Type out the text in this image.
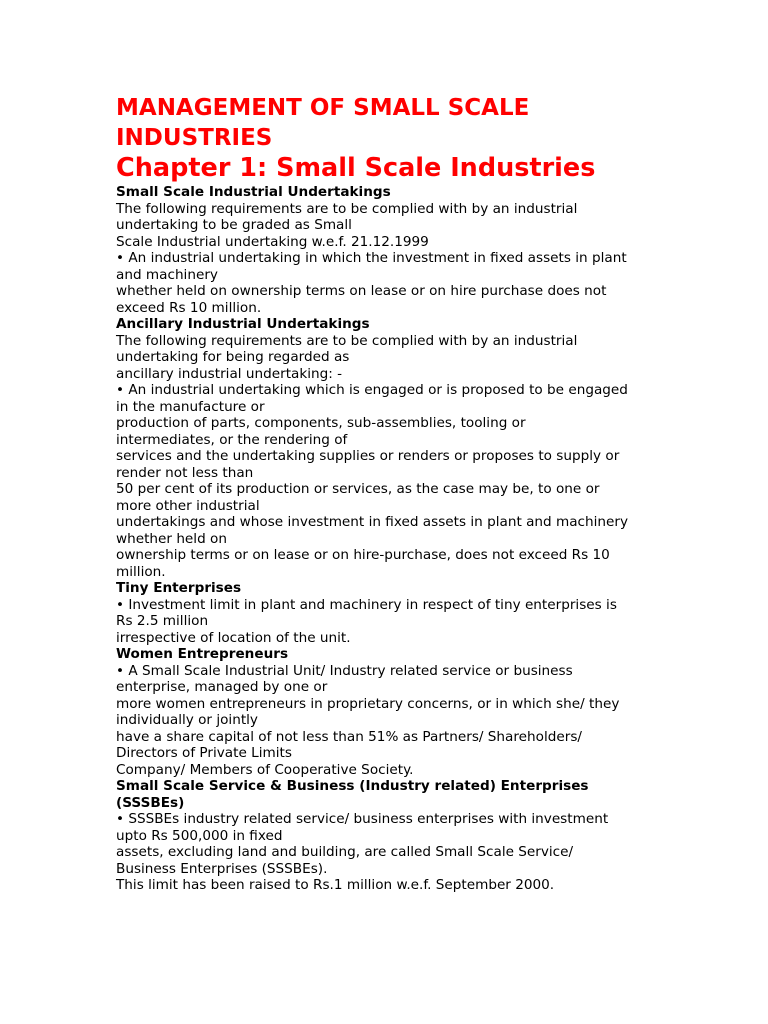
MANAGEMENT OF SMALL SCALE
INDUSTRIES
Chapter 1: Small Scale Industries
Small Scale Industrial Undertakings
The following requirements are to be complied with by an industrial
undertaking to be graded as Small
Scale Industrial undertaking w.e.f. 21.12.1999
• An industrial undertaking in which the investment in fixed assets in plant
and machinery
whether held on ownership terms on lease or on hire purchase does not
exceed Rs 10 million.
Ancillary Industrial Undertakings
The following requirements are to be complied with by an industrial
undertaking for being regarded as
ancillary industrial undertaking: -
• An industrial undertaking which is engaged or is proposed to be engaged
in the manufacture or
production of parts, components, sub-assemblies, tooling or
intermediates, or the rendering of
services and the undertaking supplies or renders or proposes to supply or
render not less than
50 per cent of its production or services, as the case may be, to one or
more other industrial
undertakings and whose investment in fixed assets in plant and machinery
whether held on
ownership terms or on lease or on hire-purchase, does not exceed Rs 10
million.
Tiny Enterprises
• Investment limit in plant and machinery in respect of tiny enterprises is
Rs 2.5 million
irrespective of location of the unit.
Women Entrepreneurs
• A Small Scale Industrial Unit/ Industry related service or business
enterprise, managed by one or
more women entrepreneurs in proprietary concerns, or in which she/ they
individually or jointly
have a share capital of not less than 51% as Partners/ Shareholders/
Directors of Private Limits
Company/ Members of Cooperative Society.
Small Scale Service & Business (Industry related) Enterprises
(SSSBEs)
• SSSBEs industry related service/ business enterprises with investment
upto Rs 500,000 in fixed
assets, excluding land and building, are called Small Scale Service/
Business Enterprises (SSSBEs).
This limit has been raised to Rs.1 million w.e.f. September 2000.
